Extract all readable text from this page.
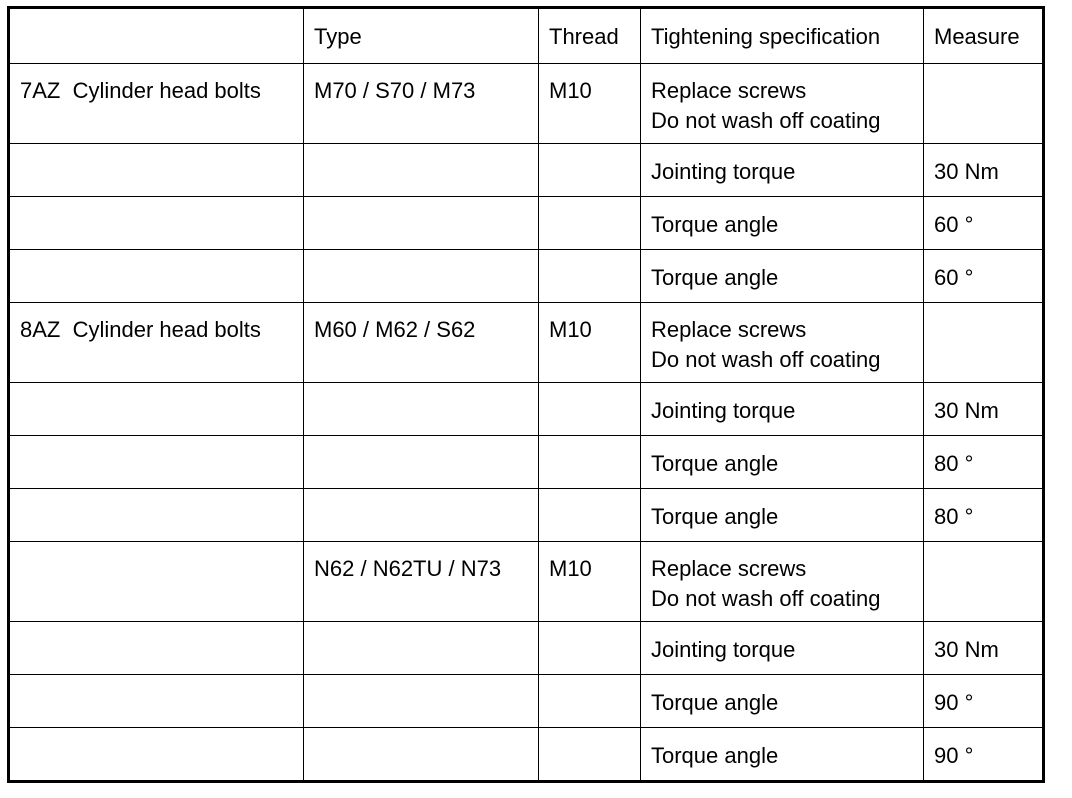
	Type	Thread	Tightening specification	Measure
7AZ  Cylinder head bolts	M70 / S70 / M73	M10	Replace screws
Do not wash off coating	

			Jointing torque	30 Nm
			Torque angle	60 °
			Torque angle	60 °
8AZ  Cylinder head bolts	M60 / M62 / S62	M10	Replace screws
Do not wash off coating	

			Jointing torque	30 Nm
			Torque angle	80 °
			Torque angle	80 °
	N62 / N62TU / N73	M10	Replace screws
Do not wash off coating	

			Jointing torque	30 Nm
			Torque angle	90 °
			Torque angle	90 °
